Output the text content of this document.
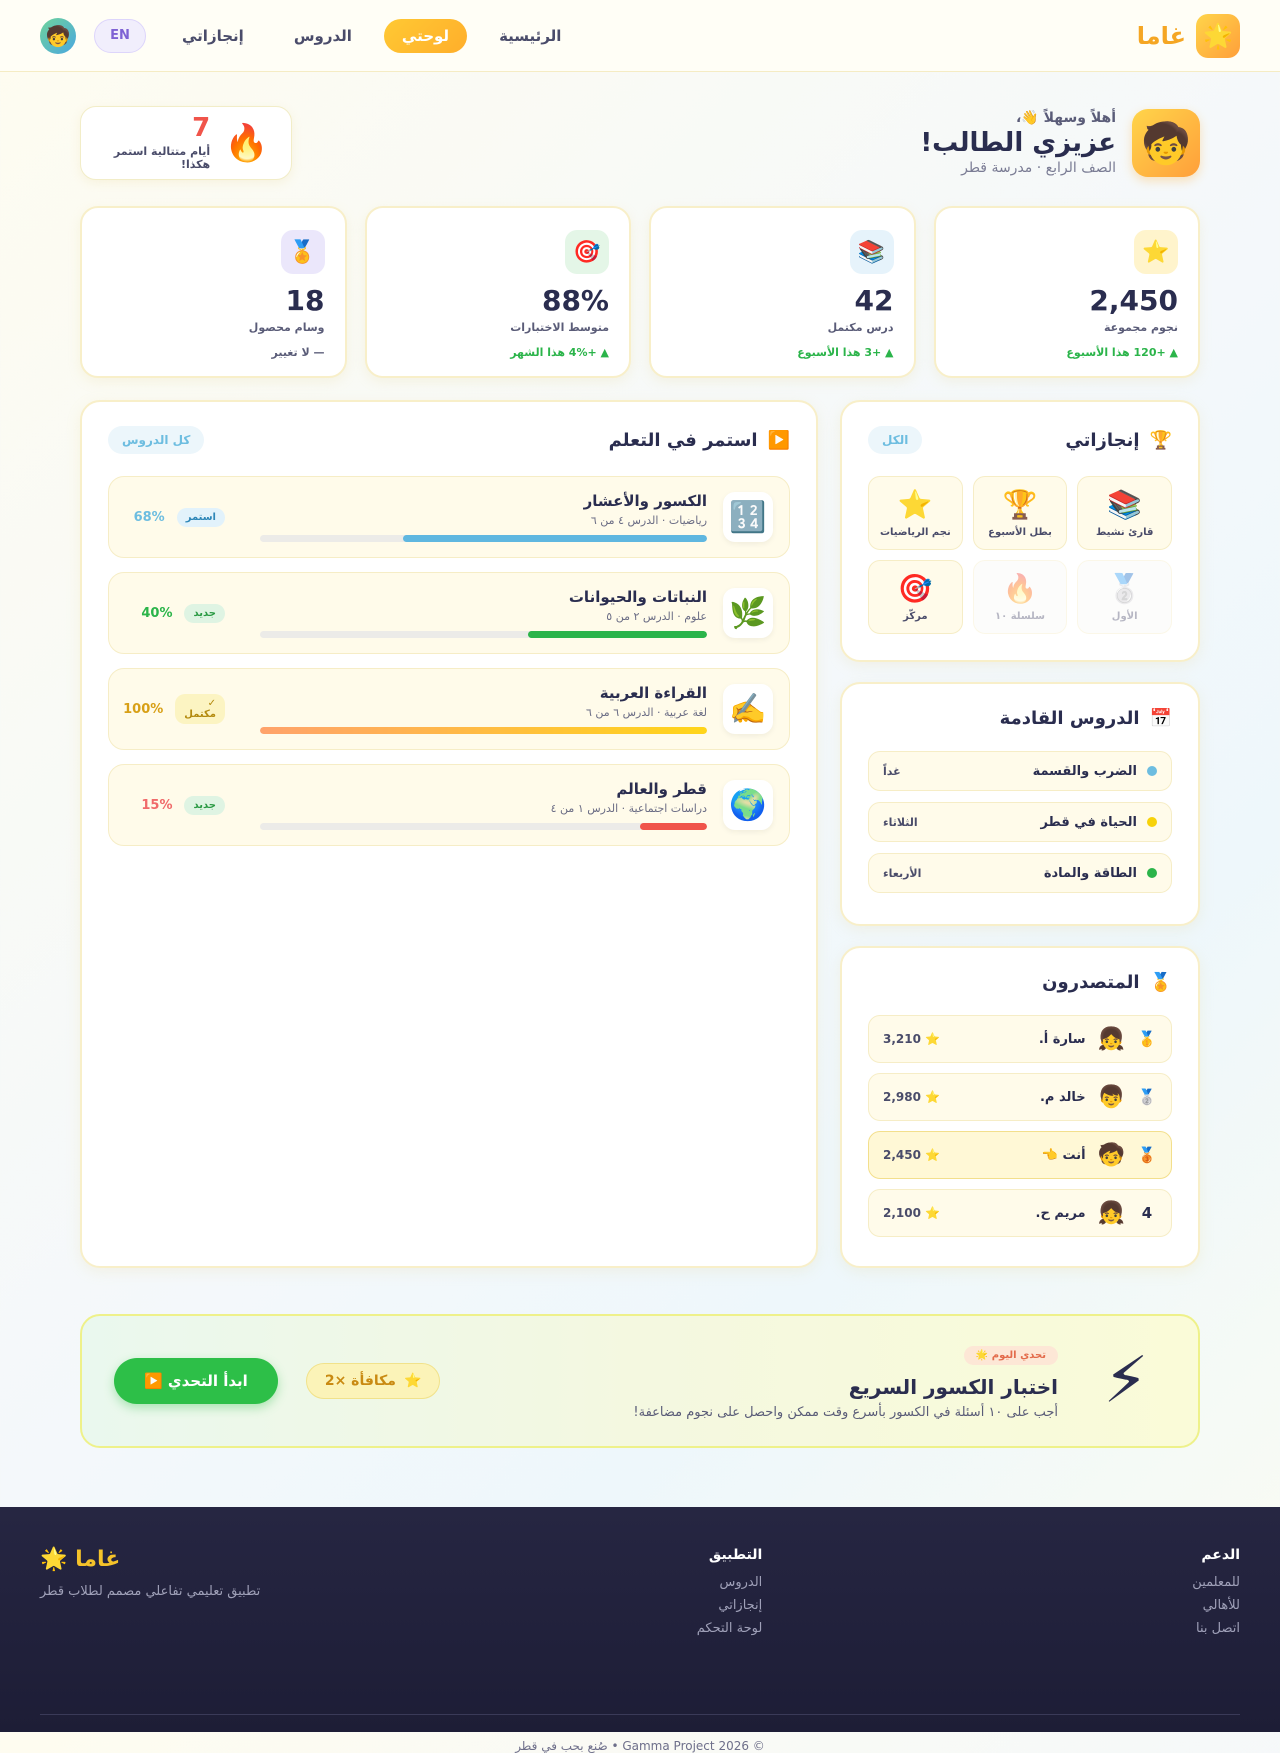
🌟
غاما
الرئيسية
لوحتي
الدروس
إنجازاتي
EN
🧒
🧒
أهلاً وسهلاً 👋،
عزيزي الطالب!
الصف الرابع · مدرسة قطر
🔥
7
أيام متتالية استمر هكذا!
⭐
2,450
نجوم مجموعة
▲ +120 هذا الأسبوع
📚
42
درس مكتمل
▲ +3 هذا الأسبوع
🎯
88%
متوسط الاختبارات
▲ +4% هذا الشهر
🏅
18
وسام محصول
— لا تغيير
🏆
إنجازاتي
الكل
📚
قارئ نشيط
🏆
بطل الأسبوع
⭐
نجم الرياضيات
🥈
الأول
🔥
سلسلة ١٠
🎯
مركّز
📅
الدروس القادمة
الضرب والقسمة
غداً
الحياة في قطر
الثلاثاء
الطاقة والمادة
الأربعاء
🏅
المتصدرون
🥇
👧
سارة أ.
⭐ 3,210
🥈
👦
خالد م.
⭐ 2,980
🥉
🧒
أنت 👈
⭐ 2,450
4
👧
مريم ح.
⭐ 2,100
▶️
استمر في التعلم
كل الدروس
🔢
الكسور والأعشار
رياضيات · الدرس ٤ من ٦
استمر
68%
🌿
النباتات والحيوانات
علوم · الدرس ٢ من ٥
جديد
40%
✍️
القراءة العربية
لغة عربية · الدرس ٦ من ٦
✓ مكتمل
100%
🌍
قطر والعالم
دراسات اجتماعية · الدرس ١ من ٤
جديد
15%
⚡
تحدي اليوم 🌟
اختبار الكسور السريع
أجب على ١٠ أسئلة في الكسور بأسرع وقت ممكن واحصل على نجوم مضاعفة!
⭐
مكافأة ×2
ابدأ التحدي ▶️
غاما 🌟
تطبيق تعليمي تفاعلي مصمم لطلاب قطر
الدعم
للمعلمين
للأهالي
اتصل بنا
التطبيق
الدروس
إنجازاتي
لوحة التحكم
© 2026 Gamma Project • صُنع بحب في قطر
